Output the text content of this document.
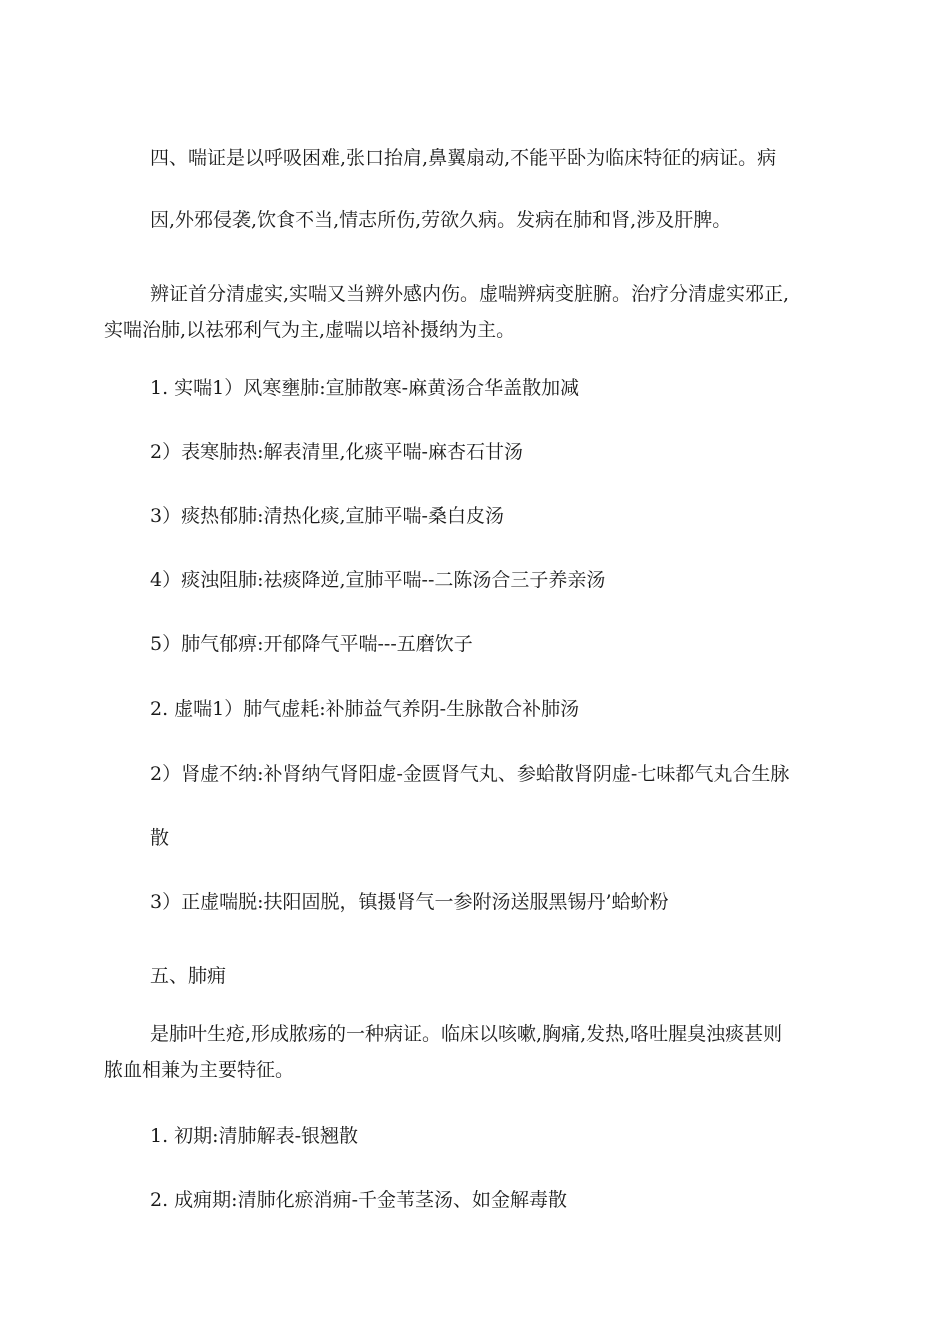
四、喘证是以呼吸困难,张口抬肩,鼻翼扇动,不能平卧为临床特征的病证。病
因,外邪侵袭,饮食不当,情志所伤,劳欲久病。发病在肺和肾,涉及肝脾。
辨证首分清虚实,实喘又当辨外感内伤。虚喘辨病变脏腑。治疗分清虚实邪正,
实喘治肺,以祛邪利气为主,虚喘以培补摄纳为主。
1. 实喘1）风寒壅肺:宣肺散寒-麻黄汤合华盖散加减
2）表寒肺热:解表清里,化痰平喘-麻杏石甘汤
3）痰热郁肺:清热化痰,宣肺平喘-桑白皮汤
4）痰浊阻肺:祛痰降逆,宣肺平喘--二陈汤合三子养亲汤
5）肺气郁痹:开郁降气平喘---五磨饮子
2. 虚喘1）肺气虚耗:补肺益气养阴-生脉散合补肺汤
2）肾虚不纳:补肾纳气肾阳虚-金匮肾气丸、参蛤散肾阴虚-七味都气丸合生脉
散
3）正虚喘脱:扶阳固脱，镇摄肾气一参附汤送服黑锡丹’蛤蚧粉
五、肺痈
是肺叶生疮,形成脓疡的一种病证。临床以咳嗽,胸痛,发热,咯吐腥臭浊痰甚则
脓血相兼为主要特征。
1. 初期:清肺解表-银翘散
2. 成痈期:清肺化瘀消痈-千金苇茎汤、如金解毒散
